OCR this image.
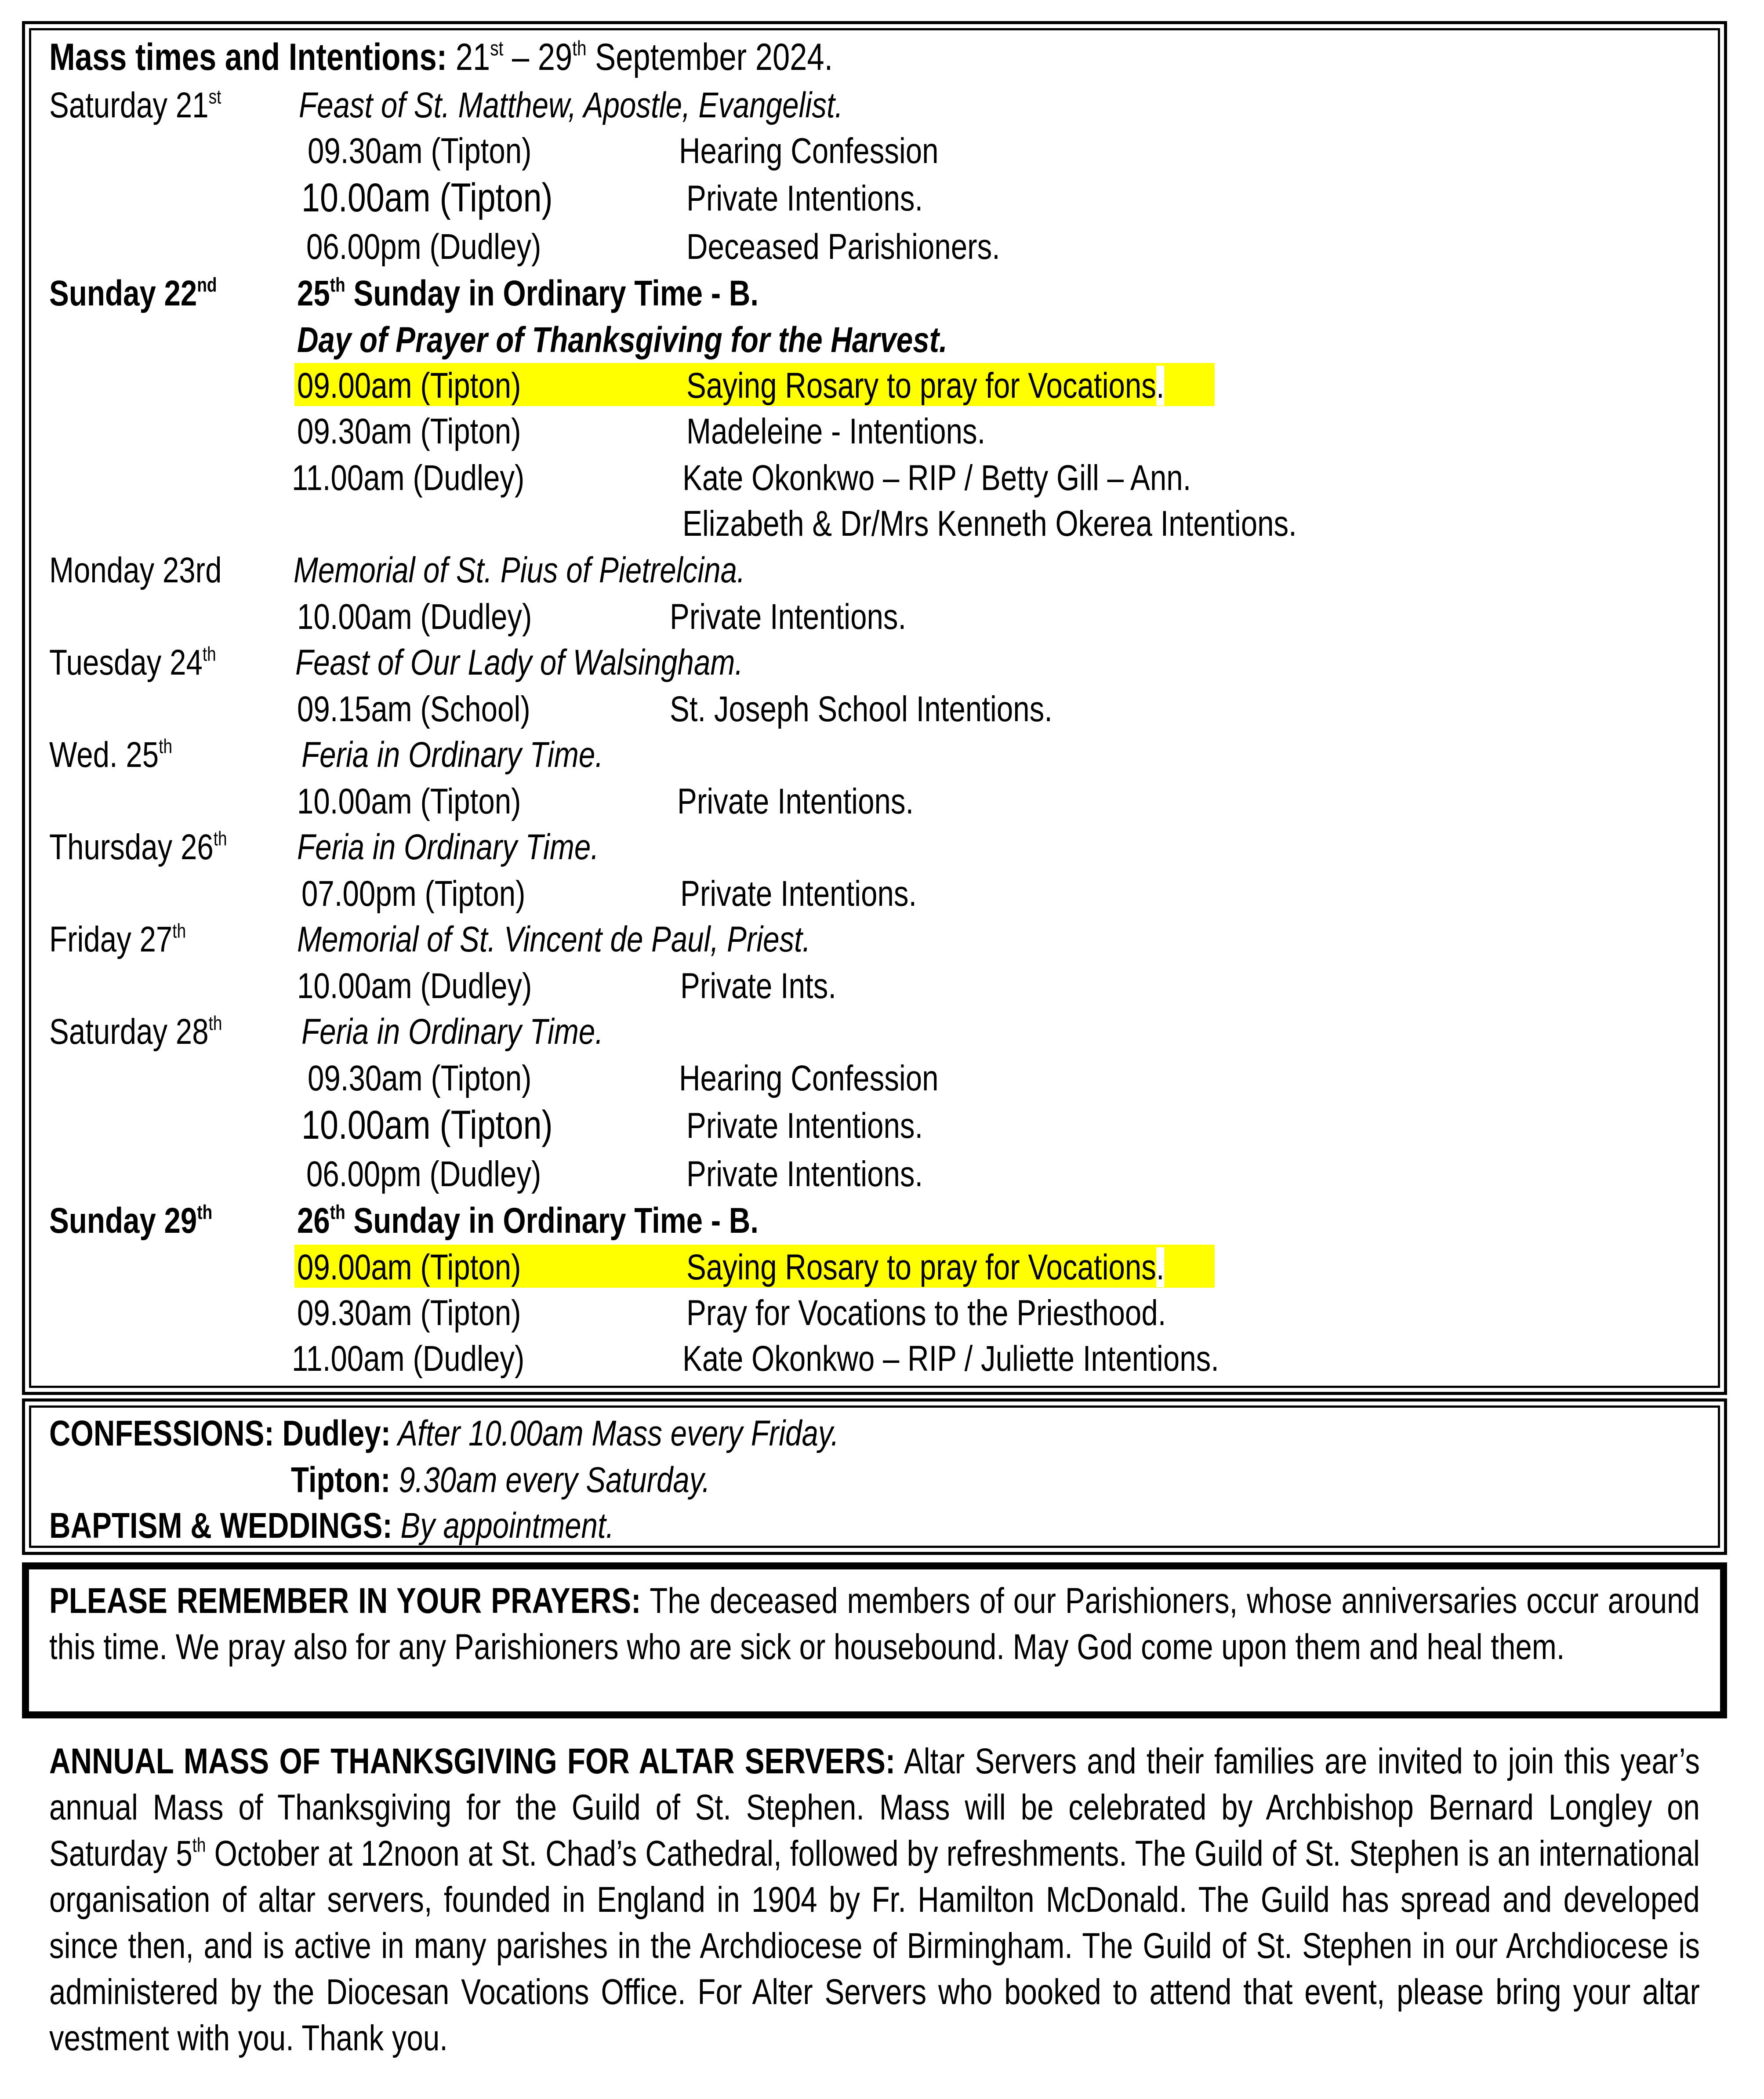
Mass times and Intentions: 21st – 29th September 2024.
Saturday 21st	Feast of St. Matthew, Apostle, Evangelist.
09.30am (Tipton)	Hearing Confession
10.00am (Tipton)	Private Intentions.
06.00pm (Dudley)	Deceased Parishioners.
Sunday 22nd	25th Sunday in Ordinary Time - B.
Day of Prayer of Thanksgiving for the Harvest.
09.00am (Tipton)	Saying Rosary to pray for Vocations.
09.30am (Tipton)	Madeleine - Intentions.
11.00am (Dudley)	Kate Okonkwo – RIP / Betty Gill – Ann.
Elizabeth & Dr/Mrs Kenneth Okerea Intentions.
Monday 23rd	Memorial of St. Pius of Pietrelcina.
10.00am (Dudley)	Private Intentions.
Tuesday 24th	Feast of Our Lady of Walsingham.
09.15am (School)	St. Joseph School Intentions.
Wed. 25th	Feria in Ordinary Time.
10.00am (Tipton)	Private Intentions.
Thursday 26th	Feria in Ordinary Time.
07.00pm (Tipton)	Private Intentions.
Friday 27th	Memorial of St. Vincent de Paul, Priest.
10.00am (Dudley)	Private Ints.
Saturday 28th	Feria in Ordinary Time.
09.30am (Tipton)	Hearing Confession
10.00am (Tipton)	Private Intentions.
06.00pm (Dudley)	Private Intentions.
Sunday 29th	26th Sunday in Ordinary Time - B.
09.00am (Tipton)	Saying Rosary to pray for Vocations.
09.30am (Tipton)	Pray for Vocations to the Priesthood.
11.00am (Dudley)	Kate Okonkwo – RIP / Juliette Intentions.
CONFESSIONS: Dudley: After 10.00am Mass every Friday.
Tipton: 9.30am every Saturday.
BAPTISM & WEDDINGS: By appointment.
PLEASE REMEMBER IN YOUR PRAYERS: The deceased members of our Parishioners, whose anniversaries occur around this time. We pray also for any Parishioners who are sick or housebound. May God come upon them and heal them.
ANNUAL MASS OF THANKSGIVING FOR ALTAR SERVERS: Altar Servers and their families are invited to join this year’s annual Mass of Thanksgiving for the Guild of St. Stephen. Mass will be celebrated by Archbishop Bernard Longley on Saturday 5th October at 12noon at St. Chad’s Cathedral, followed by refreshments. The Guild of St. Stephen is an international organisation of altar servers, founded in England in 1904 by Fr. Hamilton McDonald. The Guild has spread and developed since then, and is active in many parishes in the Archdiocese of Birmingham. The Guild of St. Stephen in our Archdiocese is administered by the Diocesan Vocations Office. For Alter Servers who booked to attend that event, please bring your altar vestment with you. Thank you.
